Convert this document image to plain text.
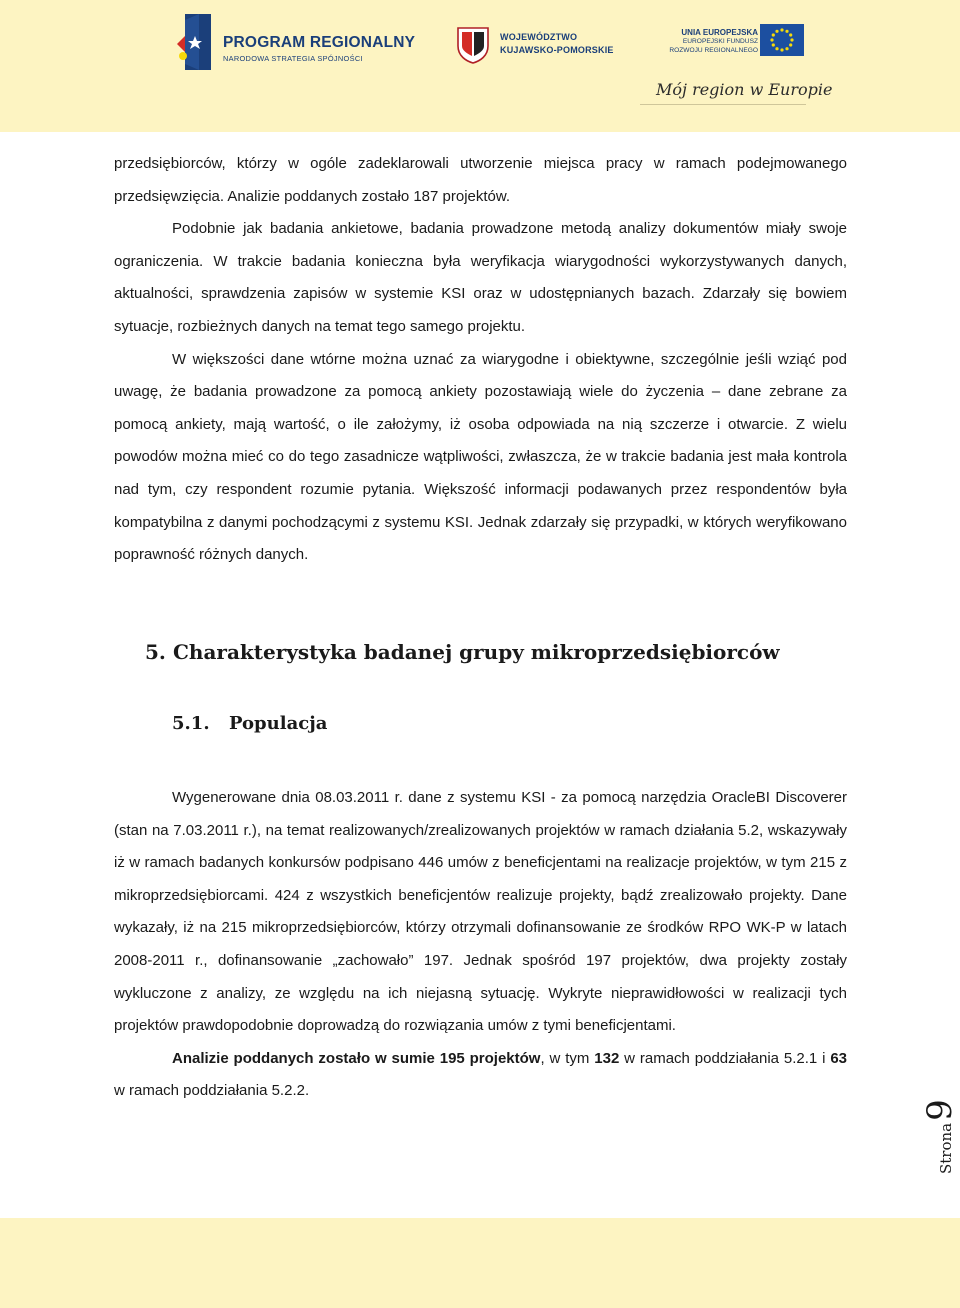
PROGRAM REGIONALNY
NARODOWA STRATEGIA SPÓJNOŚCI
WOJEWÓDZTWO
KUJAWSKO-POMORSKIE
UNIA EUROPEJSKA
EUROPEJSKI FUNDUSZ
ROZWOJU REGIONALNEGO
Mój region w Europie

przedsiębiorców, którzy w ogóle zadeklarowali utworzenie miejsca pracy w ramach podejmowanego przedsięwzięcia. Analizie poddanych zostało 187 projektów.

Podobnie jak badania ankietowe, badania prowadzone metodą analizy dokumentów miały swoje ograniczenia. W trakcie badania konieczna była weryfikacja wiarygodności wykorzystywanych danych, aktualności, sprawdzenia zapisów w systemie KSI oraz w udostępnianych bazach. Zdarzały się bowiem sytuacje, rozbieżnych danych na temat tego samego projektu.

W większości dane wtórne można uznać za wiarygodne i obiektywne, szczególnie jeśli wziąć pod uwagę, że badania prowadzone za pomocą ankiety pozostawiają wiele do życzenia – dane zebrane za pomocą ankiety, mają wartość, o ile założymy, iż osoba odpowiada na nią szczerze i otwarcie. Z wielu powodów można mieć co do tego zasadnicze wątpliwości, zwłaszcza, że w trakcie badania jest mała kontrola nad tym, czy respondent rozumie pytania. Większość informacji podawanych przez respondentów była kompatybilna z danymi pochodzącymi z systemu KSI. Jednak zdarzały się przypadki, w których weryfikowano poprawność różnych danych.

5. Charakterystyka badanej grupy mikroprzedsiębiorców
5.1. Populacja

Wygenerowane dnia 08.03.2011 r. dane z systemu KSI - za pomocą narzędzia OracleBI Discoverer (stan na 7.03.2011 r.), na temat realizowanych/zrealizowanych projektów w ramach działania 5.2, wskazywały iż w ramach badanych konkursów podpisano 446 umów z beneficjentami na realizacje projektów, w tym 215 z mikroprzedsiębiorcami. 424 z wszystkich beneficjentów realizuje projekty, bądź zrealizowało projekty. Dane wykazały, iż na 215 mikroprzedsiębiorców, którzy otrzymali dofinansowanie ze środków RPO WK-P w latach 2008-2011 r., dofinansowanie „zachowało” 197. Jednak spośród 197 projektów, dwa projekty zostały wykluczone z analizy, ze względu na ich niejasną sytuację. Wykryte nieprawidłowości w realizacji tych projektów prawdopodobnie doprowadzą do rozwiązania umów z tymi beneficjentami.

Analizie poddanych zostało w sumie 195 projektów, w tym 132 w ramach poddziałania 5.2.1 i 63 w ramach poddziałania 5.2.2.

Strona9
